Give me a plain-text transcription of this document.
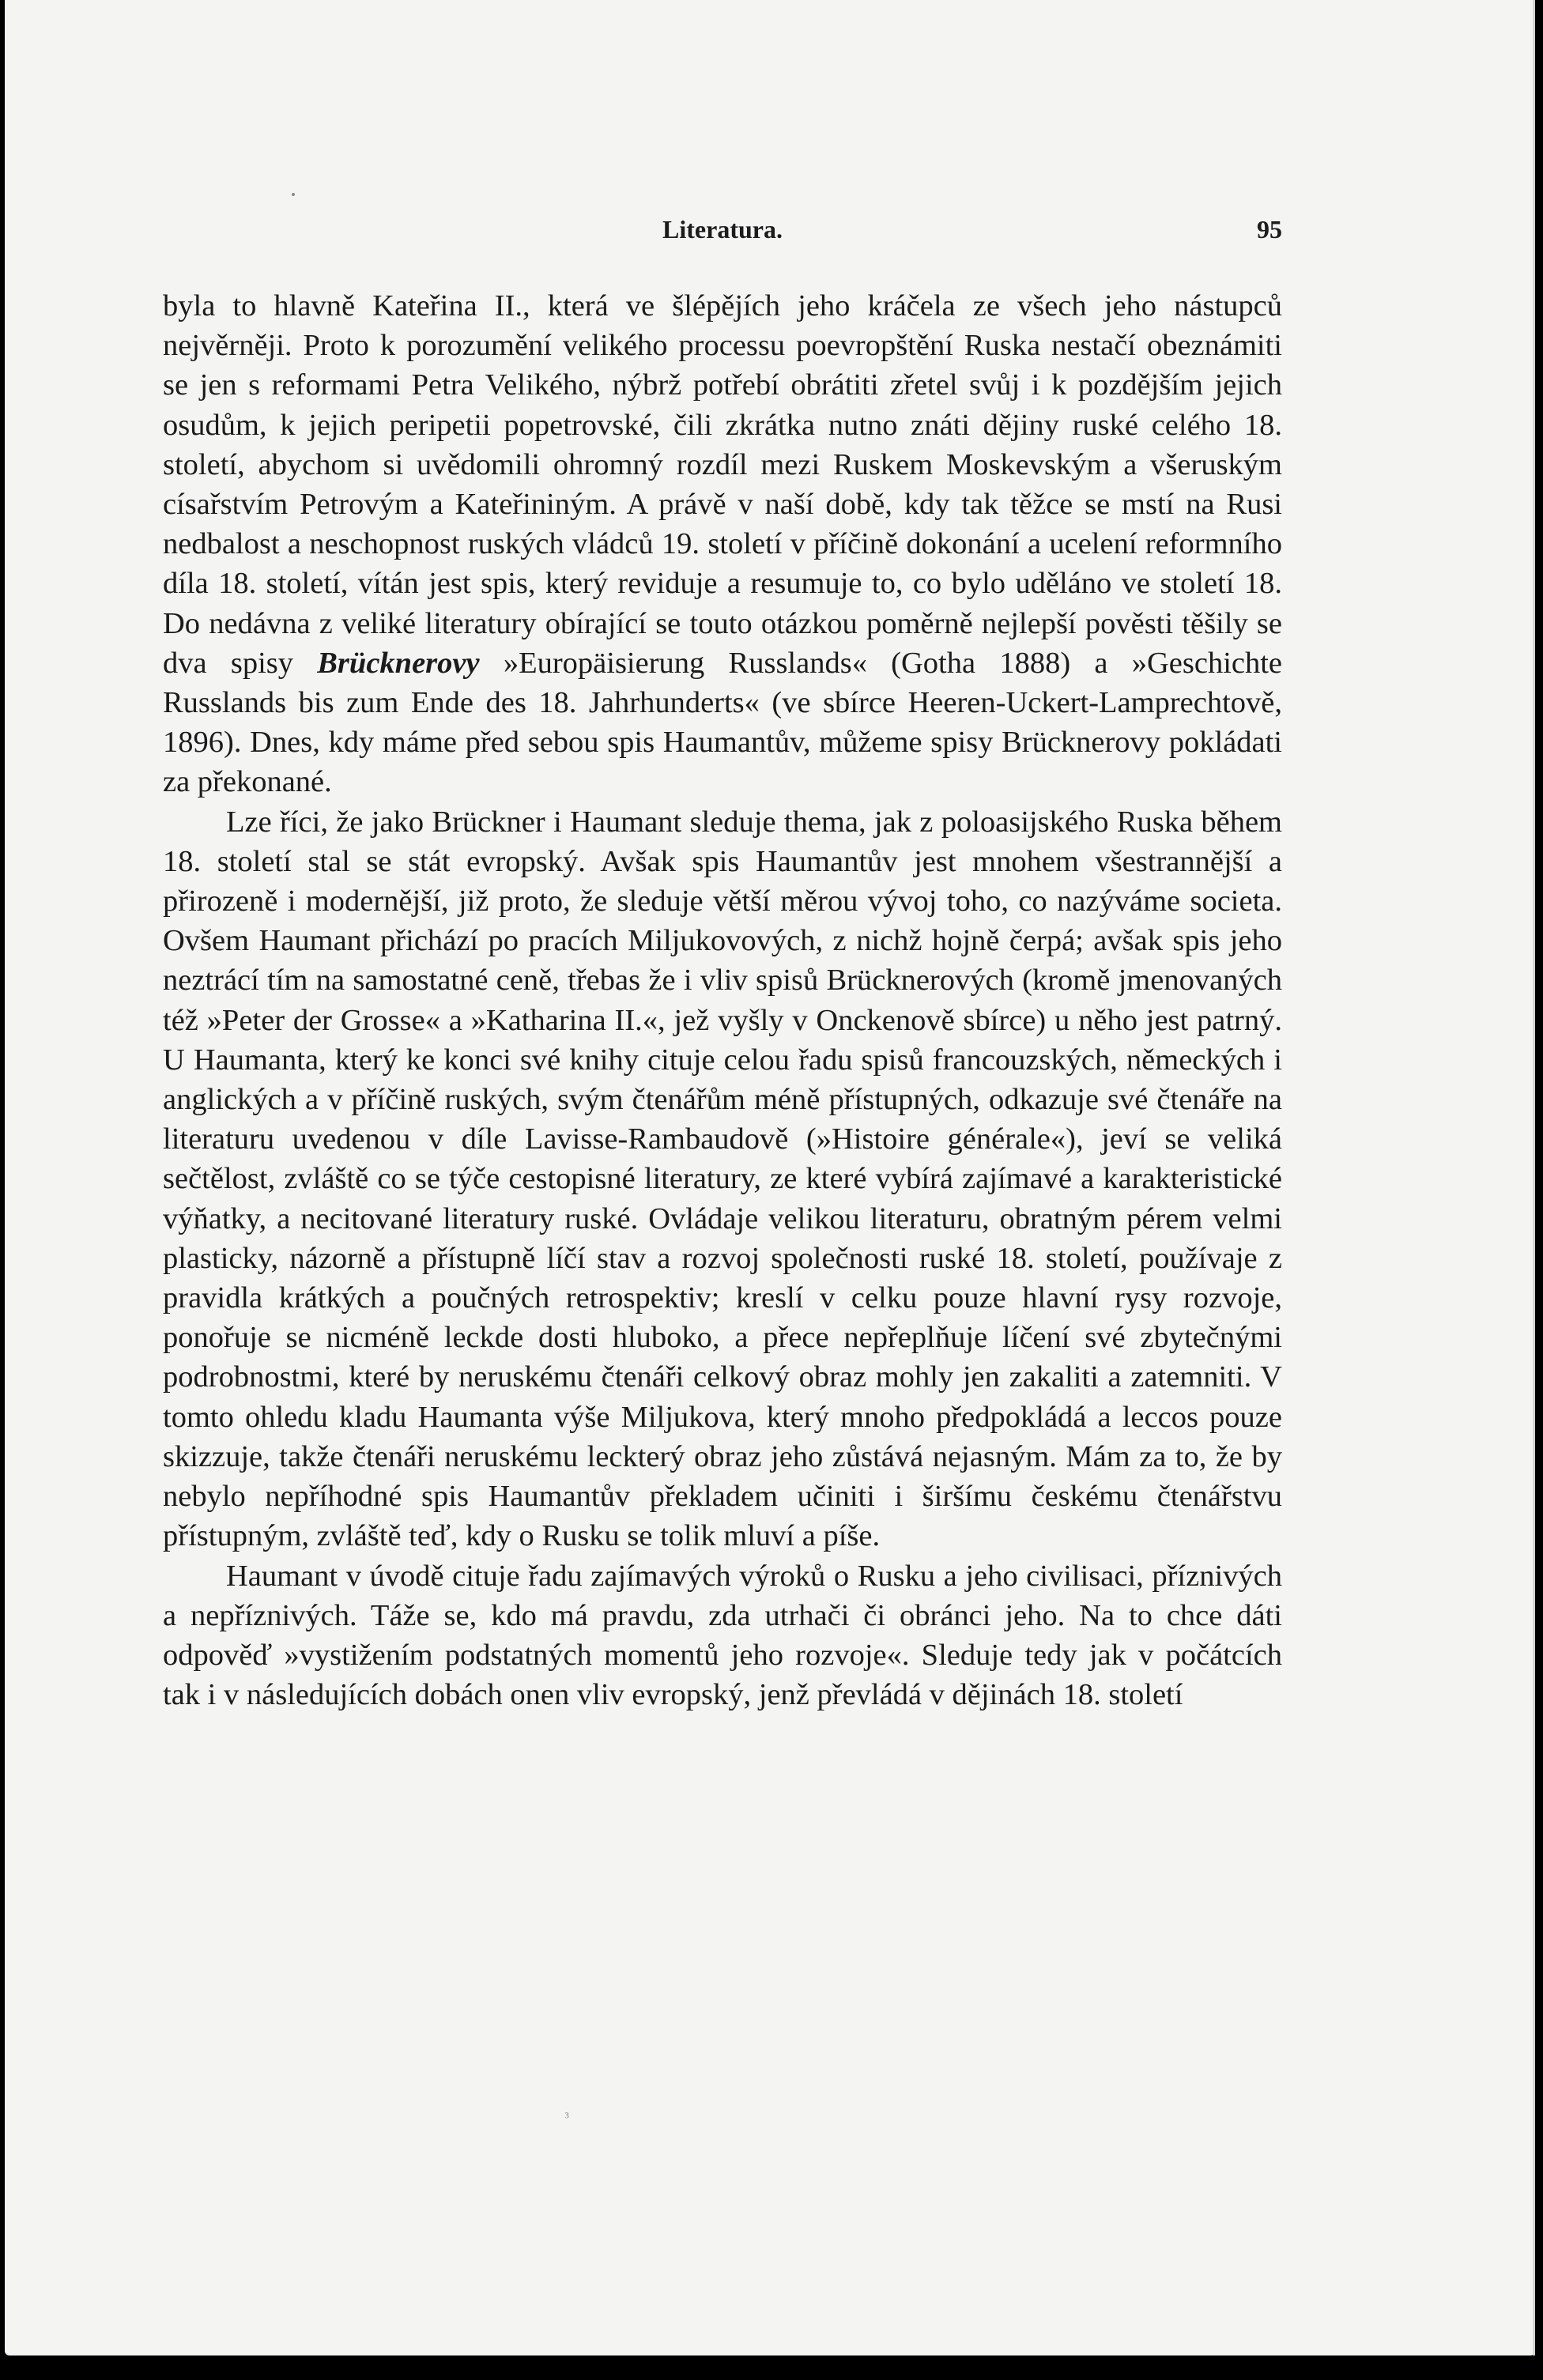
Literatura.	95

byla to hlavně Kateřina II., která ve šlépějích jeho kráčela ze všech jeho nástupců nejvěrněji. Proto k porozumění velikého processu poevropštění Ruska nestačí obeznámiti se jen s reformami Petra Velikého, nýbrž potřebí obrátiti zřetel svůj i k pozdějším jejich osudům, k jejich peripetii popetrovské, čili zkrátka nutno znáti dějiny ruské celého 18. století, abychom si uvědomili ohromný rozdíl mezi Ruskem Moskevským a všeruským císařstvím Petrovým a Kateřininým. A právě v naší době, kdy tak těžce se mstí na Rusi nedbalost a neschopnost ruských vládců 19. století v příčině dokonání a ucelení reformního díla 18. století, vítán jest spis, který reviduje a resumuje to, co bylo uděláno ve století 18. Do nedávna z veliké literatury obírající se touto otázkou poměrně nejlepší pověsti těšily se dva spisy Brücknerovy »Europäisierung Russlands« (Gotha 1888) a »Geschichte Russlands bis zum Ende des 18. Jahrhunderts« (ve sbírce Heeren-Uckert-Lamprechtově, 1896). Dnes, kdy máme před sebou spis Haumantův, můžeme spisy Brücknerovy pokládati za překonané.

Lze říci, že jako Brückner i Haumant sleduje thema, jak z poloasijského Ruska během 18. století stal se stát evropský. Avšak spis Haumantův jest mnohem všestrannější a přirozeně i modernější, již proto, že sleduje větší měrou vývoj toho, co nazýváme societa. Ovšem Haumant přichází po pracích Miljukovových, z nichž hojně čerpá; avšak spis jeho neztrácí tím na samostatné ceně, třebas že i vliv spisů Brücknerových (kromě jmenovaných též »Peter der Grosse« a »Katharina II.«, jež vyšly v Onckenově sbírce) u něho jest patrný. U Haumanta, který ke konci své knihy cituje celou řadu spisů francouzských, německých i anglických a v příčině ruských, svým čtenářům méně přístupných, odkazuje své čtenáře na literaturu uvedenou v díle Lavisse-Rambaudově (»Histoire générale«), jeví se veliká sečtělost, zvláště co se týče cestopisné literatury, ze které vybírá zajímavé a karakteristické výňatky, a necitované literatury ruské. Ovládaje velikou literaturu, obratným pérem velmi plasticky, názorně a přístupně líčí stav a rozvoj společnosti ruské 18. století, používaje z pravidla krátkých a poučných retrospektiv; kreslí v celku pouze hlavní rysy rozvoje, ponořuje se nicméně leckde dosti hluboko, a přece nepřeplňuje líčení své zbytečnými podrobnostmi, které by neruskému čtenáři celkový obraz mohly jen zakaliti a zatemniti. V tomto ohledu kladu Haumanta výše Miljukova, který mnoho předpokládá a leccos pouze skizzuje, takže čtenáři neruskému leckterý obraz jeho zůstává nejasným. Mám za to, že by nebylo nepříhodné spis Haumantův překladem učiniti i širšímu českému čtenářstvu přístupným, zvláště teď, kdy o Rusku se tolik mluví a píše.

Haumant v úvodě cituje řadu zajímavých výroků o Rusku a jeho civilisaci, příznivých a nepříznivých. Táže se, kdo má pravdu, zda utrhači či obránci jeho. Na to chce dáti odpověď »vystižením podstatných momentů jeho rozvoje«. Sleduje tedy jak v počátcích tak i v následujících dobách onen vliv evropský, jenž převládá v dějinách 18. století

₃
